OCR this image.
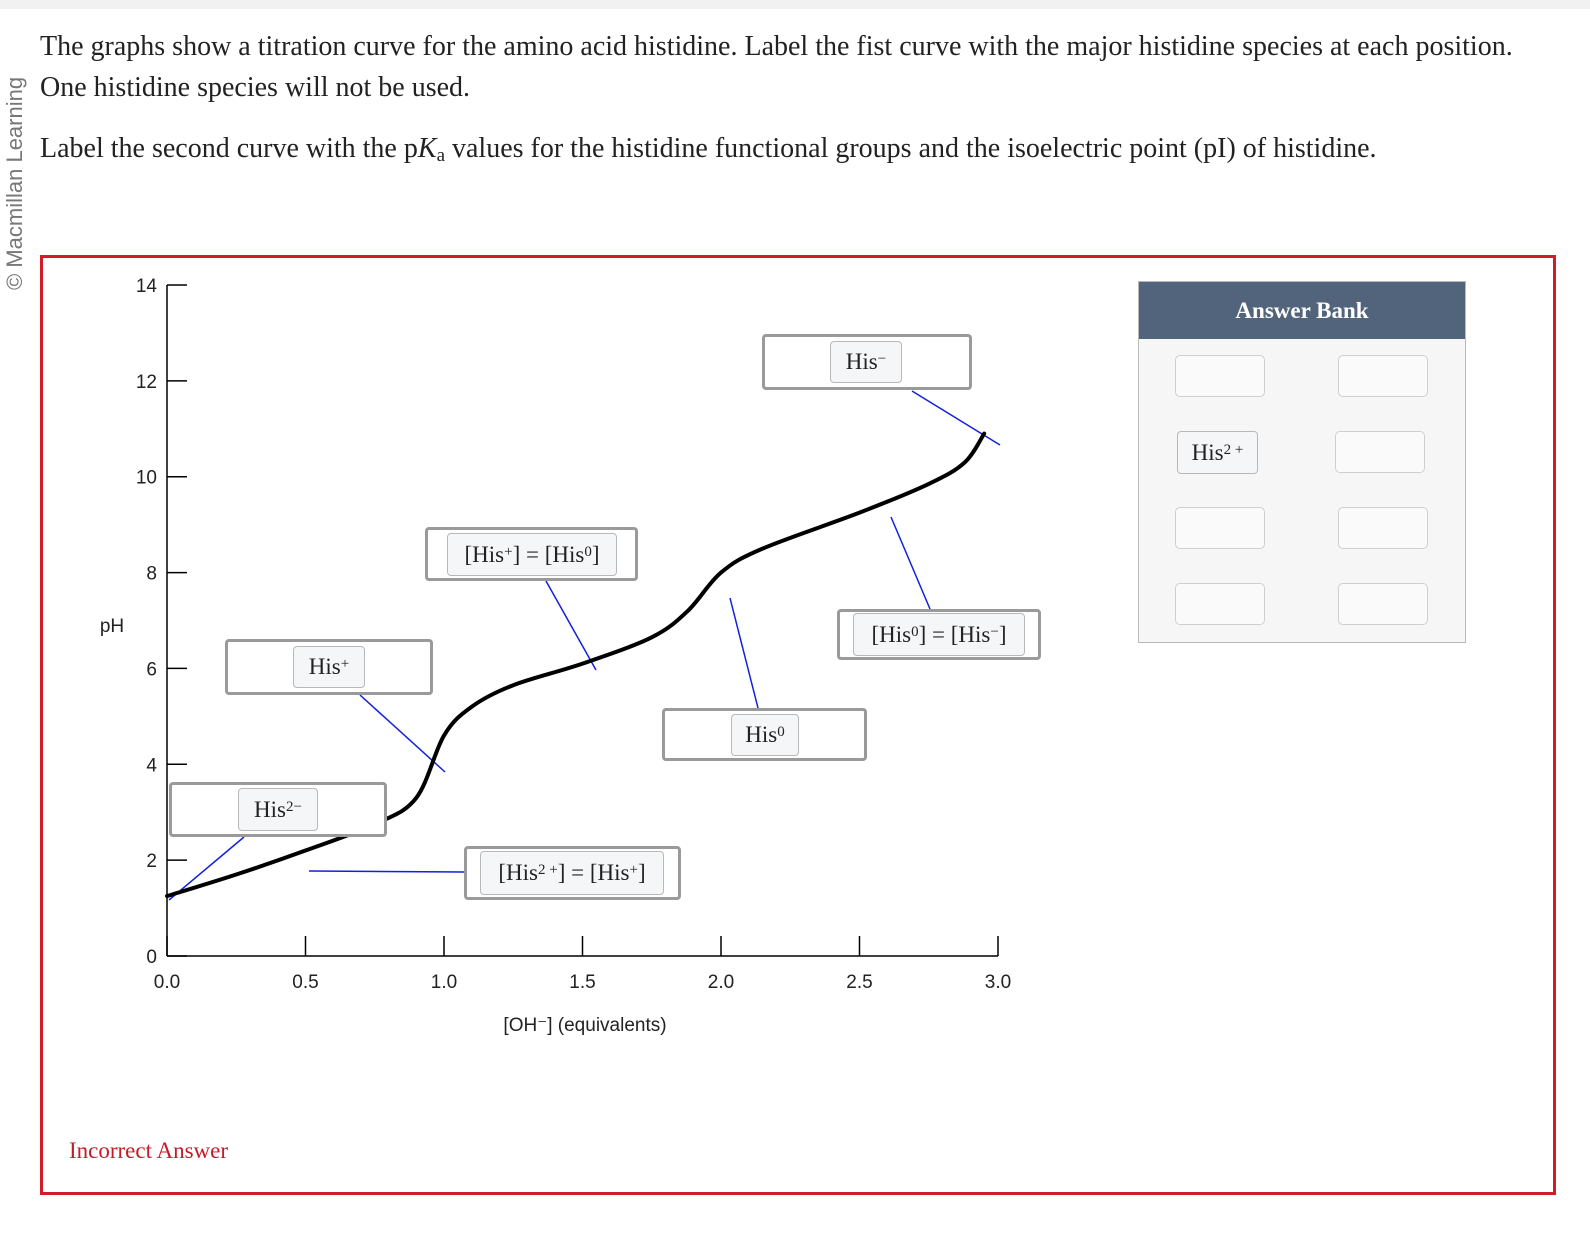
© Macmillan Learning

The graphs show a titration curve for the amino acid histidine. Label the fist curve with the major histidine species at each position. One histidine species will not be used.

Label the second curve with the $pK_a$ values for the histidine functional groups and the isoelectric point (pI) of histidine.

0
2
4
6
8
10
12
14
0.0	0.5	1.0	1.5	2.0	2.5	3.0
pH
[OH⁻] (equivalents)
His−
[His+ ] = [His$^0$ ]
[His$^0$ ] = [His− ]
His+
His$^0$
His$^{2-}$
[His$^{2 +}$ ] = [His+ ]
Answer Bank
His$^{2 +}$
Incorrect Answer
